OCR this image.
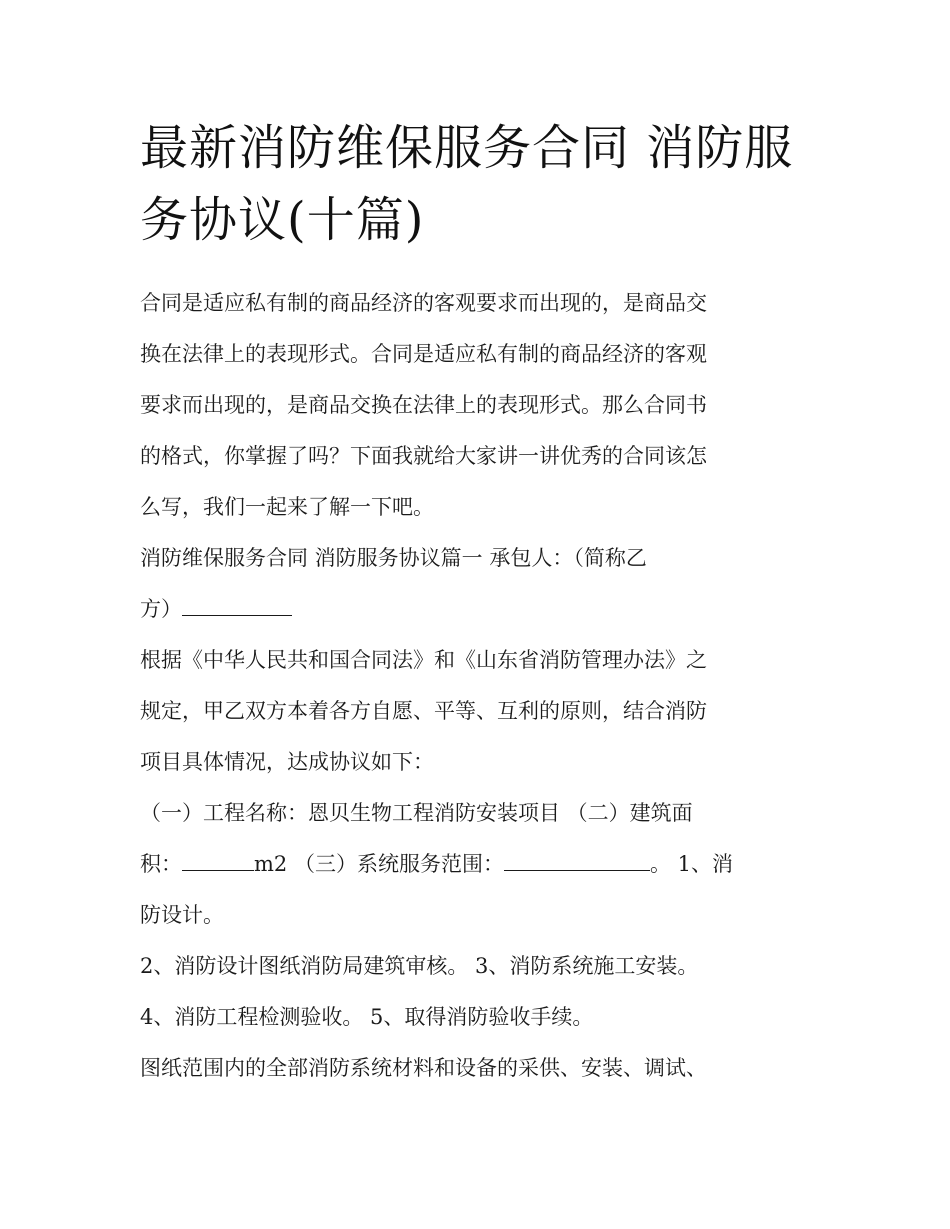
最新消防维保服务合同 消防服
务协议(十篇)
合同是适应私有制的商品经济的客观要求而出现的，是商品交
换在法律上的表现形式。合同是适应私有制的商品经济的客观
要求而出现的，是商品交换在法律上的表现形式。那么合同书
的格式，你掌握了吗？下面我就给大家讲一讲优秀的合同该怎
么写，我们一起来了解一下吧。
消防维保服务合同 消防服务协议篇一 承包人：（简称乙
方）
根据《中华人民共和国合同法》和《山东省消防管理办法》之
规定，甲乙双方本着各方自愿、平等、互利的原则，结合消防
项目具体情况，达成协议如下：
（一）工程名称：恩贝生物工程消防安装项目 （二）建筑面
积：	m2 （三）系统服务范围：	。 1、消
防设计。
2、消防设计图纸消防局建筑审核。 3、消防系统施工安装。
4、消防工程检测验收。 5、取得消防验收手续。
图纸范围内的全部消防系统材料和设备的采供、安装、调试、
